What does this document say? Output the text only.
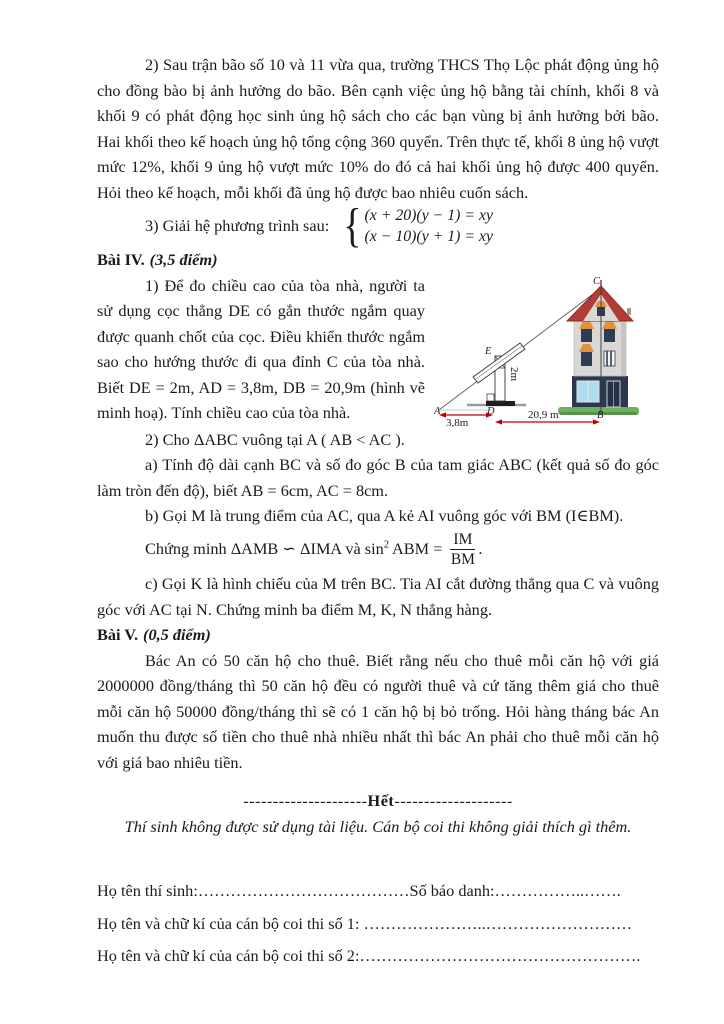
2) Sau trận bão số 10 và 11 vừa qua, trường THCS Thọ Lộc phát động ủng hộ cho đồng bào bị ảnh hưởng do bão. Bên cạnh việc ủng hộ bằng tài chính, khối 8 và khối 9 có phát động học sinh ủng hộ sách cho các bạn vùng bị ảnh hưởng bởi bão. Hai khối theo kế hoạch ủng hộ tổng cộng 360 quyển. Trên thực tế, khối 8 ủng hộ vượt mức 12%, khối 9 ủng hộ vượt mức 10% do đó cả hai khối ủng hộ được 400 quyển. Hỏi theo kế hoạch, mỗi khối đã ủng hộ được bao nhiêu cuốn sách.

3) Giải hệ phương trình sau: { (x + 20)(y − 1) = xy
(x − 10)(y + 1) = xy

Bài IV. (3,5 điểm)

C
E
2m
A	D	B
3,8m
20,9 m

1) Để đo chiều cao của tòa nhà, người ta sử dụng cọc thẳng DE có gắn thước ngắm quay được quanh chốt của cọc. Điều khiển thước ngắm sao cho hướng thước đi qua đỉnh C của tòa nhà. Biết DE = 2m, AD = 3,8m, DB = 20,9m (hình vẽ minh hoạ). Tính chiều cao của tòa nhà.

2) Cho ΔABC vuông tại A ( AB < AC ).

a) Tính độ dài cạnh BC và số đo góc B của tam giác ABC (kết quả số đo góc làm tròn đến độ), biết AB = 6cm, AC = 8cm.

b) Gọi M là trung điểm của AC, qua A kẻ AI vuông góc với BM (I∈BM).

Chứng minh ΔAMB ∽ ΔIMA và $\sin^2$ ABM = $\frac{IM}{BM}$ .

c) Gọi K là hình chiếu của M trên BC. Tia AI cắt đường thẳng qua C và vuông góc với AC tại N. Chứng minh ba điểm M, K, N thẳng hàng.

Bài V. (0,5 điểm)

Bác An có 50 căn hộ cho thuê. Biết rằng nếu cho thuê mỗi căn hộ với giá 2000000 đồng/tháng thì 50 căn hộ đều có người thuê và cứ tăng thêm giá cho thuê mỗi căn hộ 50000 đồng/tháng thì sẽ có 1 căn hộ bị bỏ trống. Hỏi hàng tháng bác An muốn thu được số tiền cho thuê nhà nhiều nhất thì bác An phải cho thuê mỗi căn hộ với giá bao nhiêu tiền.

---------------------Hết--------------------

Thí sinh không được sử dụng tài liệu. Cán bộ coi thi không giải thích gì thêm.

Họ tên thí sinh:…………………………………Số báo danh:……………..…….

Họ tên và chữ kí của cán bộ coi thi số 1: …………………..………………………

Họ tên và chữ kí của cán bộ coi thi số 2:…………………………………………….
